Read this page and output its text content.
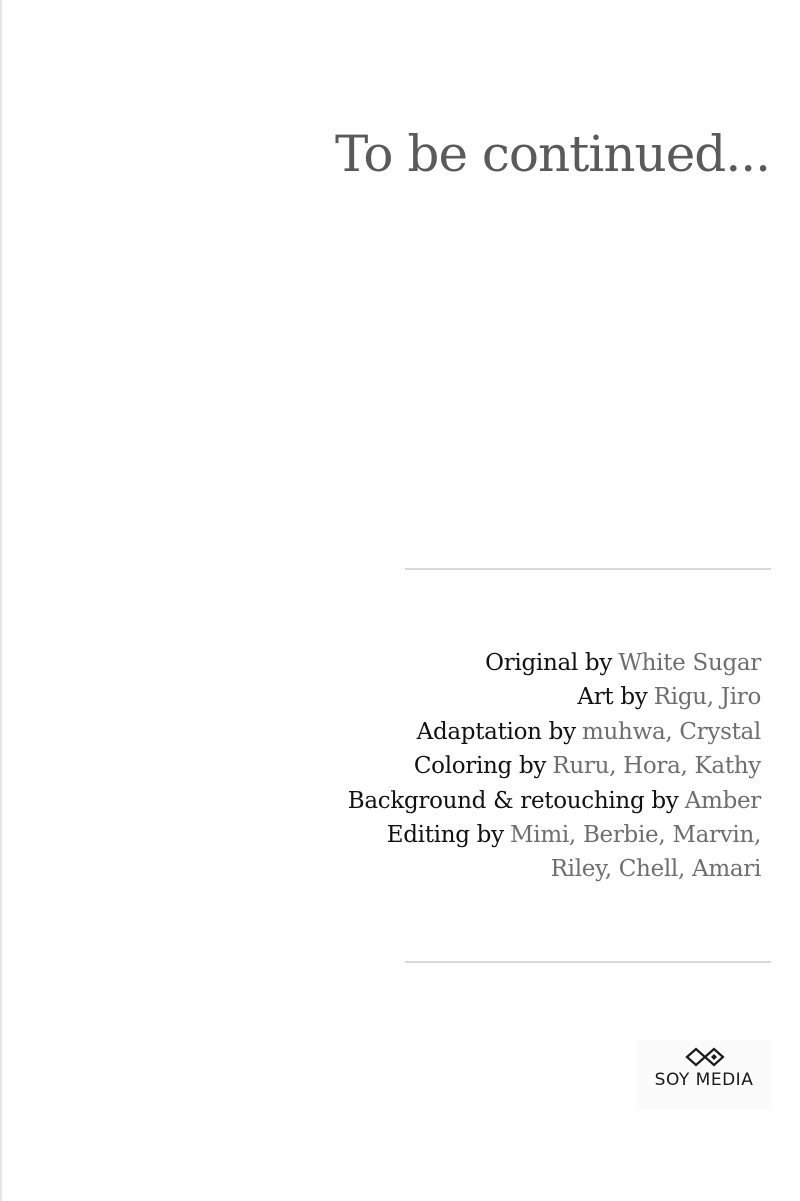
To be continued...
Original by White Sugar
Art by Rigu, Jiro
Adaptation by muhwa, Crystal
Coloring by Ruru, Hora, Kathy
Background & retouching by Amber
Editing by Mimi, Berbie, Marvin,
Riley, Chell, Amari
SOY MEDIA
